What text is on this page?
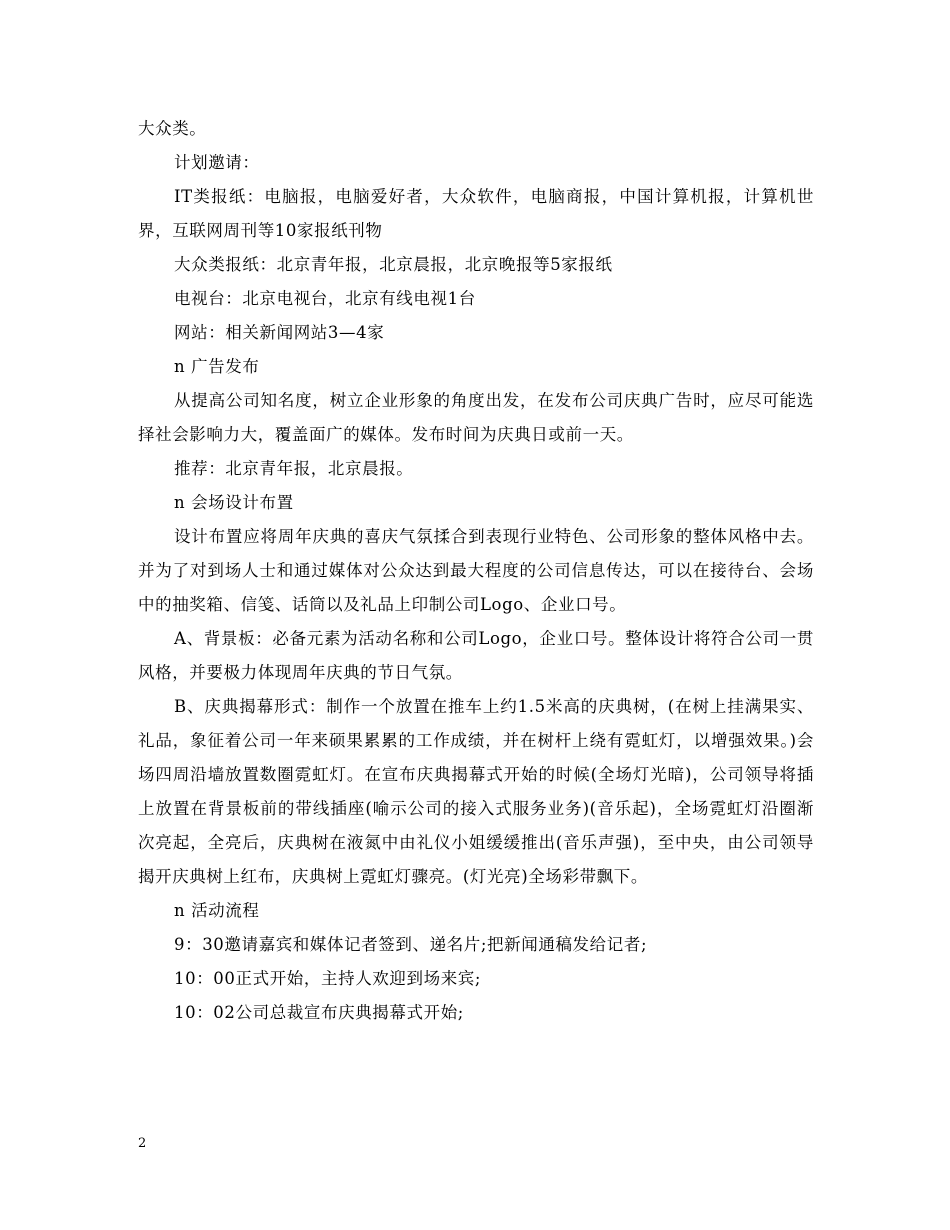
大众类。

计划邀请：

IT类报纸：电脑报，电脑爱好者，大众软件，电脑商报，中国计算机报，计算机世界，互联网周刊等10家报纸刊物

大众类报纸：北京青年报，北京晨报，北京晚报等5家报纸

电视台：北京电视台，北京有线电视1台

网站：相关新闻网站3—4家

n 广告发布

从提高公司知名度，树立企业形象的角度出发，在发布公司庆典广告时，应尽可能选择社会影响力大，覆盖面广的媒体。发布时间为庆典日或前一天。

推荐：北京青年报，北京晨报。

n 会场设计布置

设计布置应将周年庆典的喜庆气氛揉合到表现行业特色、公司形象的整体风格中去。并为了对到场人士和通过媒体对公众达到最大程度的公司信息传达，可以在接待台、会场中的抽奖箱、信笺、话筒以及礼品上印制公司Logo、企业口号。

A、背景板：必备元素为活动名称和公司Logo，企业口号。整体设计将符合公司一贯风格，并要极力体现周年庆典的节日气氛。

B、庆典揭幕形式：制作一个放置在推车上约1.5米高的庆典树，(在树上挂满果实、礼品，象征着公司一年来硕果累累的工作成绩，并在树杆上绕有霓虹灯，以增强效果。)会场四周沿墙放置数圈霓虹灯。在宣布庆典揭幕式开始的时候(全场灯光暗)，公司领导将插上放置在背景板前的带线插座(喻示公司的接入式服务业务)(音乐起)，全场霓虹灯沿圈渐次亮起，全亮后，庆典树在液氮中由礼仪小姐缓缓推出(音乐声强)，至中央，由公司领导揭开庆典树上红布，庆典树上霓虹灯骤亮。(灯光亮)全场彩带飘下。

n 活动流程

9：30邀请嘉宾和媒体记者签到、递名片;把新闻通稿发给记者;

10：00正式开始，主持人欢迎到场来宾;

10：02公司总裁宣布庆典揭幕式开始;

2
